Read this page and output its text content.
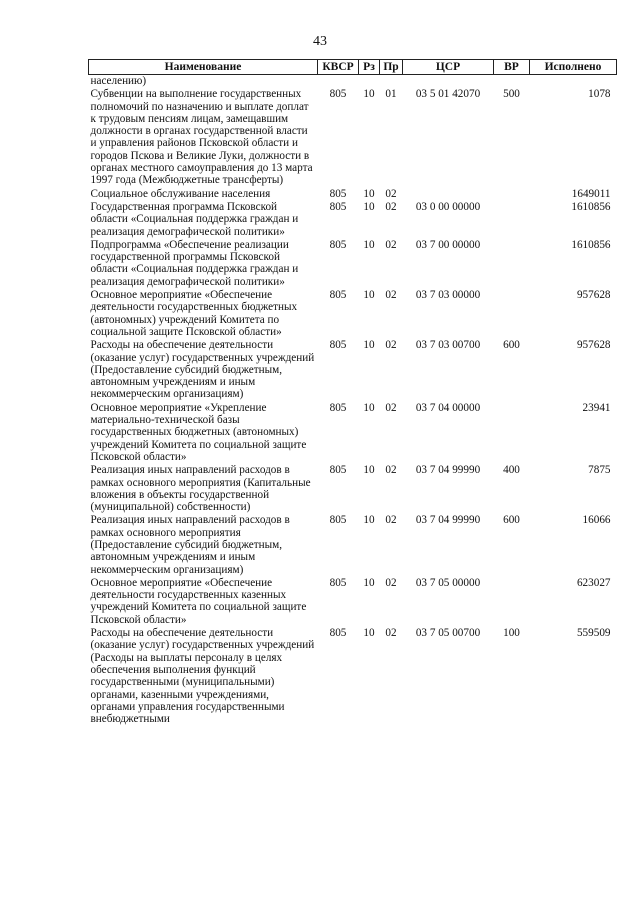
43
Наименование	КВСР	Рз	Пр	ЦСР	ВР	Исполнено
населению)						
Субвенции на выполнение государственных полномочий по назначению и выплате доплат к трудовым пенсиям лицам, замещавшим должности в органах государственной власти и управления районов Псковской области и городов Пскова и Великие Луки, должности в органах местного самоуправления до 13 марта 1997 года (Межбюджетные трансферты)	805	10	01	03 5 01 42070	500	1078
Социальное обслуживание населения	805	10	02			1649011
Государственная программа Псковской области «Социальная поддержка граждан и реализация демографической политики»	805	10	02	03 0 00 00000		1610856
Подпрограмма «Обеспечение реализации государственной программы Псковской области «Социальная поддержка граждан и реализация демографической политики»	805	10	02	03 7 00 00000		1610856
Основное мероприятие «Обеспечение деятельности государственных бюджетных (автономных) учреждений Комитета по социальной защите Псковской области»	805	10	02	03 7 03 00000		957628
Расходы на обеспечение деятельности (оказание услуг) государственных учреждений (Предоставление субсидий бюджетным, автономным учреждениям и иным некоммерческим организациям)	805	10	02	03 7 03 00700	600	957628
Основное мероприятие «Укрепление материально-технической базы государственных бюджетных (автономных) учреждений Комитета по социальной защите Псковской области»	805	10	02	03 7 04 00000		23941
Реализация иных направлений расходов в рамках основного мероприятия (Капитальные вложения в объекты государственной (муниципальной) собственности)	805	10	02	03 7 04 99990	400	7875
Реализация иных направлений расходов в рамках основного мероприятия (Предоставление субсидий бюджетным, автономным учреждениям и иным некоммерческим организациям)	805	10	02	03 7 04 99990	600	16066
Основное мероприятие «Обеспечение деятельности государственных казенных учреждений Комитета по социальной защите Псковской области»	805	10	02	03 7 05 00000		623027
Расходы на обеспечение деятельности (оказание услуг) государственных учреждений (Расходы на выплаты персоналу в целях обеспечения выполнения функций государственными (муниципальными) органами, казенными учреждениями, органами управления государственными внебюджетными	805	10	02	03 7 05 00700	100	559509
